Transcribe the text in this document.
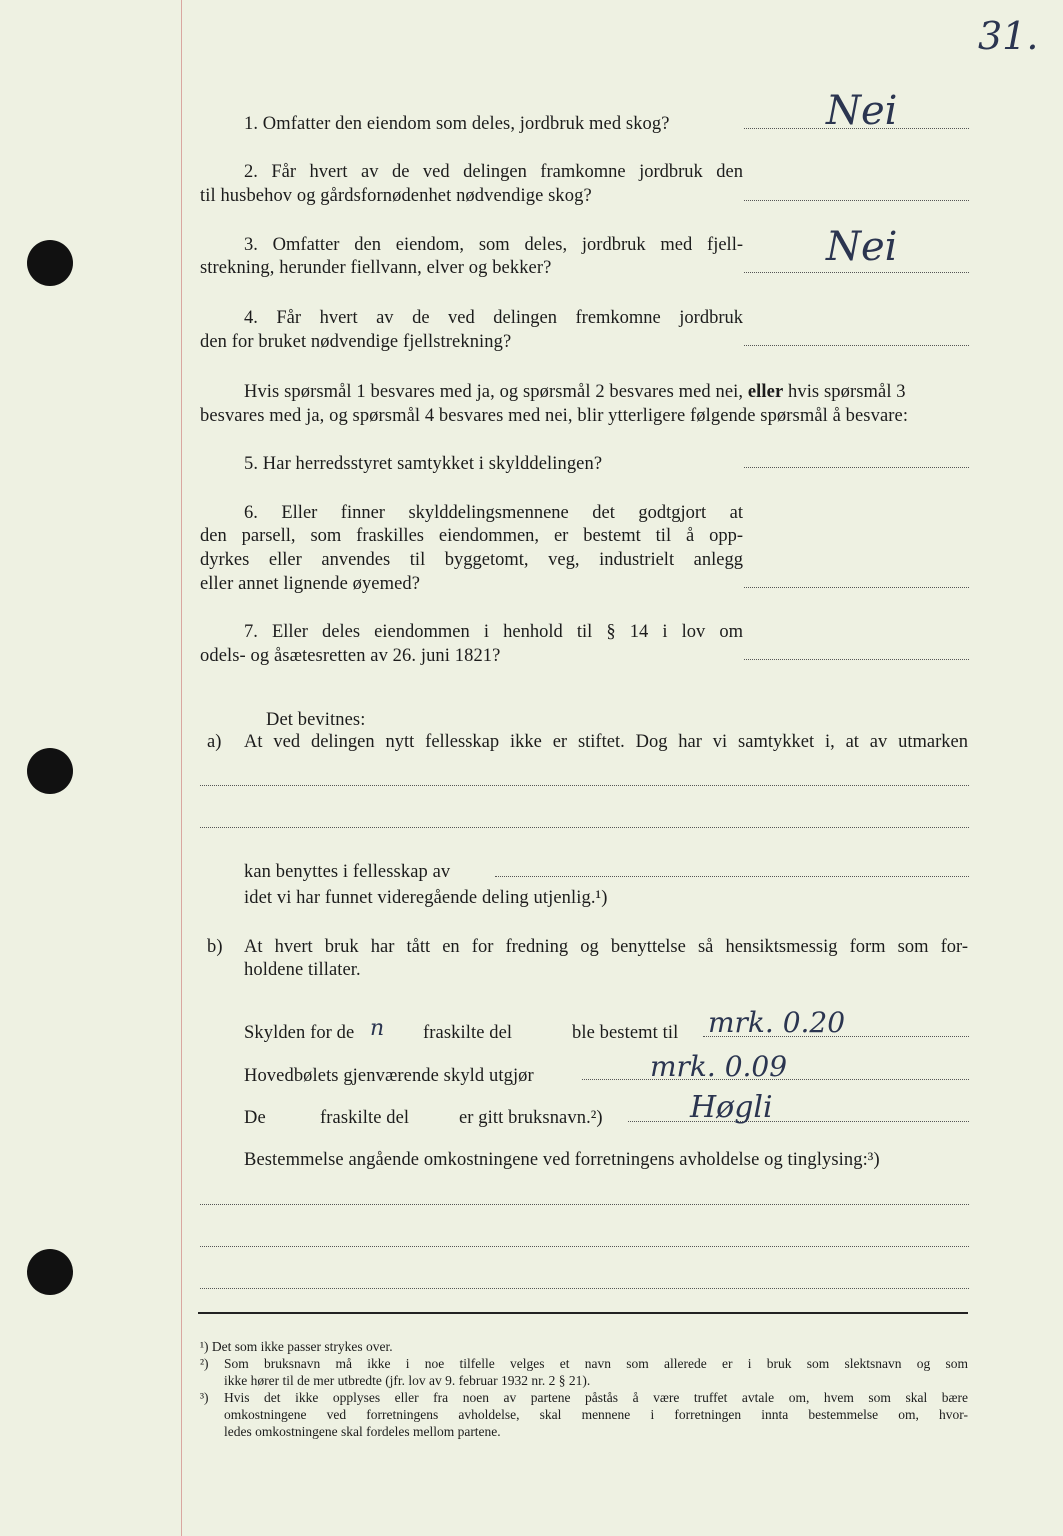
31.
1. Omfatter den eiendom som deles, jordbruk med skog?	Nei
2. Får hvert av de ved delingen framkomne jordbruk den
til husbehov og gårdsfornødenhet nødvendige skog?
3. Omfatter den eiendom, som deles, jordbruk med fjell-
strekning, herunder fiellvann, elver og bekker?	Nei
4. Får hvert av de ved delingen fremkomne jordbruk
den for bruket nødvendige fjellstrekning?
Hvis spørsmål 1 besvares med ja, og spørsmål 2 besvares med nei, eller hvis spørsmål 3
besvares med ja, og spørsmål 4 besvares med nei, blir ytterligere følgende spørsmål å besvare:
5. Har herredsstyret samtykket i skylddelingen?
6. Eller finner skylddelingsmennene det godtgjort at
den parsell, som fraskilles eiendommen, er bestemt til å opp-
dyrkes eller anvendes til byggetomt, veg, industrielt anlegg
eller annet lignende øyemed?
7. Eller deles eiendommen i henhold til § 14 i lov om
odels- og åsætesretten av 26. juni 1821?
Det bevitnes:
a) At ved delingen nytt fellesskap ikke er stiftet. Dog har vi samtykket i, at av utmarken
kan benyttes i fellesskap av
idet vi har funnet videregående deling utjenlig.¹)
b) At hvert bruk har tått en for fredning og benyttelse så hensiktsmessig form som for-
holdene tillater.
Skylden for de n fraskilte del	ble bestemt til mrk. 0.20
Hovedbølets gjenværende skyld utgjør	mrk. 0.09
De	fraskilte del	er gitt bruksnavn.²)	Høgli
Bestemmelse angående omkostningene ved forretningens avholdelse og tinglysing:³)
¹) Det som ikke passer strykes over.
²) Som bruksnavn må ikke i noe tilfelle velges et navn som allerede er i bruk som slektsnavn og som
ikke hører til de mer utbredte (jfr. lov av 9. februar 1932 nr. 2 § 21).
³) Hvis det ikke opplyses eller fra noen av partene påstås å være truffet avtale om, hvem som skal bære
omkostningene ved forretningens avholdelse, skal mennene i forretningen innta bestemmelse om, hvor-
ledes omkostningene skal fordeles mellom partene.
